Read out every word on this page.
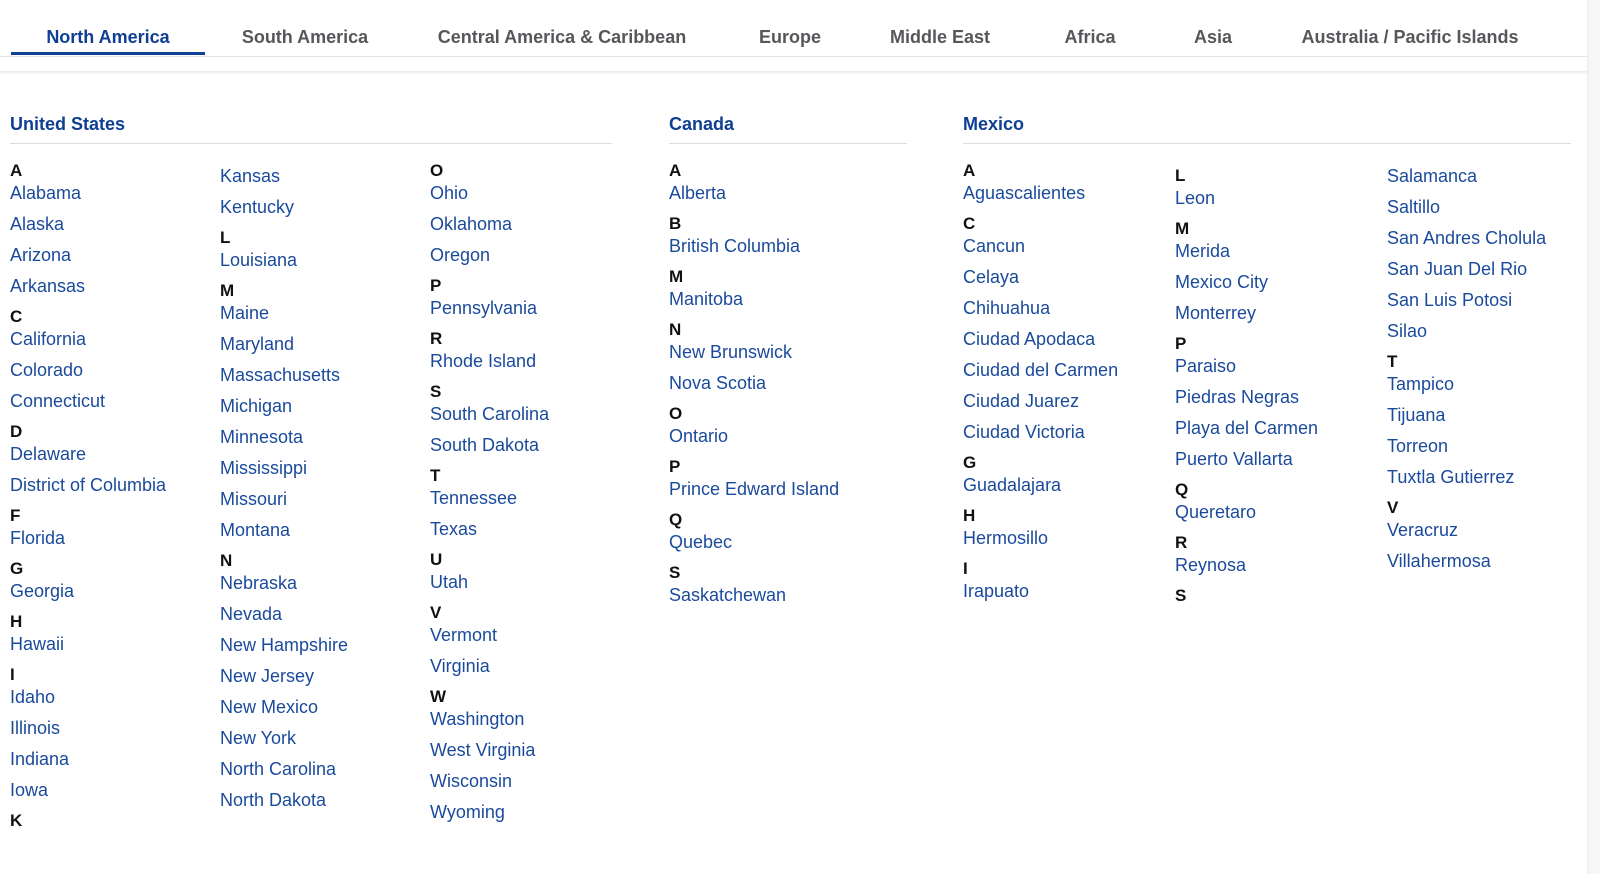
North America	South America	Central America & Caribbean	Europe	Middle East	Africa	Asia	Australia / Pacific Islands
United States	Canada	Mexico
A
Alabama
Alaska
Arizona
Arkansas
C
California
Colorado
Connecticut
D
Delaware
District of Columbia
F
Florida
G
Georgia
H
Hawaii
I
Idaho
Illinois
Indiana
Iowa
K
Kansas
Kentucky
L
Louisiana
M
Maine
Maryland
Massachusetts
Michigan
Minnesota
Mississippi
Missouri
Montana
N
Nebraska
Nevada
New Hampshire
New Jersey
New Mexico
New York
North Carolina
North Dakota
O
Ohio
Oklahoma
Oregon
P
Pennsylvania
R
Rhode Island
S
South Carolina
South Dakota
T
Tennessee
Texas
U
Utah
V
Vermont
Virginia
W
Washington
West Virginia
Wisconsin
Wyoming
A
Alberta
B
British Columbia
M
Manitoba
N
New Brunswick
Nova Scotia
O
Ontario
P
Prince Edward Island
Q
Quebec
S
Saskatchewan
A
Aguascalientes
C
Cancun
Celaya
Chihuahua
Ciudad Apodaca
Ciudad del Carmen
Ciudad Juarez
Ciudad Victoria
G
Guadalajara
H
Hermosillo
I
Irapuato
L
Leon
M
Merida
Mexico City
Monterrey
P
Paraiso
Piedras Negras
Playa del Carmen
Puerto Vallarta
Q
Queretaro
R
Reynosa
S
Salamanca
Saltillo
San Andres Cholula
San Juan Del Rio
San Luis Potosi
Silao
T
Tampico
Tijuana
Torreon
Tuxtla Gutierrez
V
Veracruz
Villahermosa
